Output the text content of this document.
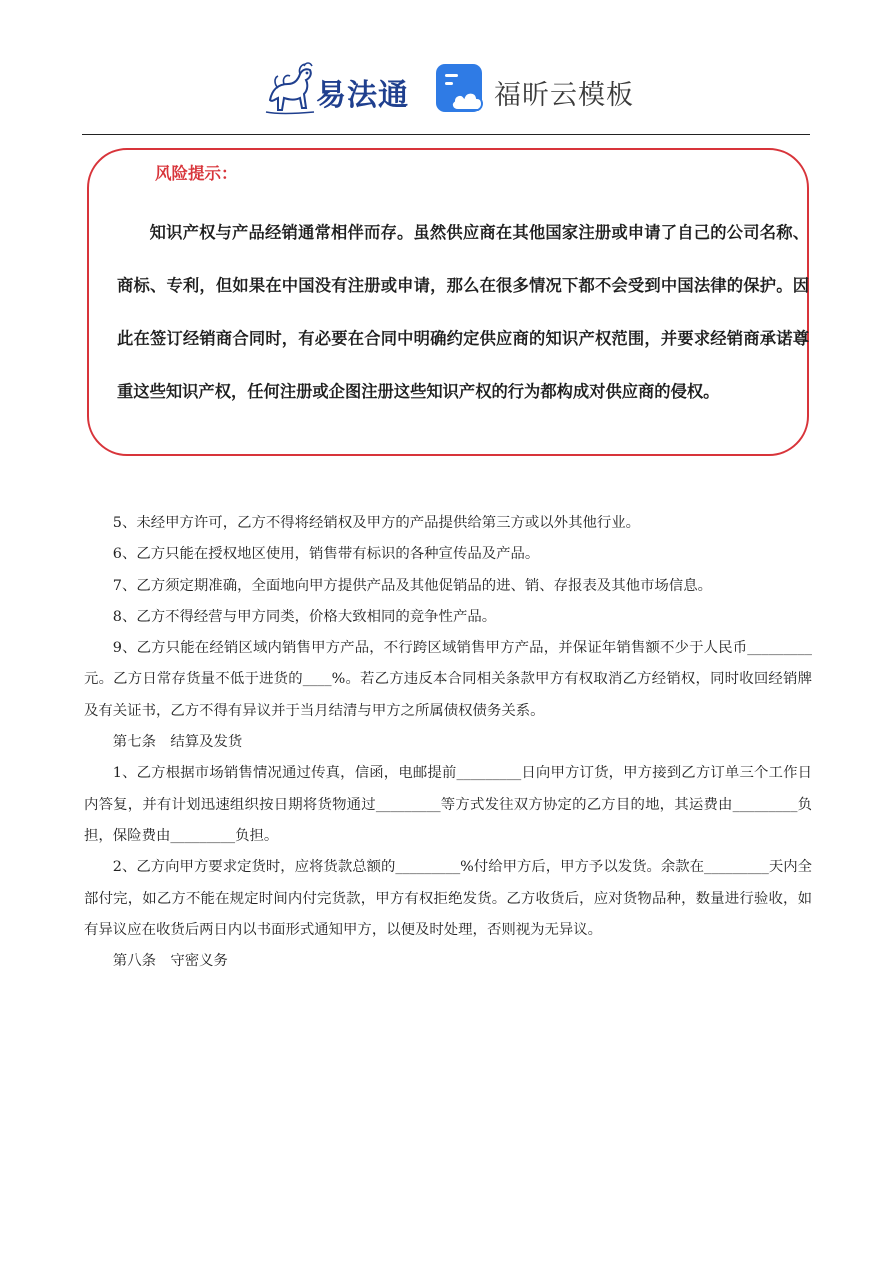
易法通	福昕云模板
风险提示：

知识产权与产品经销通常相伴而存。虽然供应商在其他国家注册或申请了自己的公司名称、商标、专利，但如果在中国没有注册或申请，那么在很多情况下都不会受到中国法律的保护。因此在签订经销商合同时，有必要在合同中明确约定供应商的知识产权范围，并要求经销商承诺尊重这些知识产权，任何注册或企图注册这些知识产权的行为都构成对供应商的侵权。

5、未经甲方许可，乙方不得将经销权及甲方的产品提供给第三方或以外其他行业。

6、乙方只能在授权地区使用，销售带有标识的各种宣传品及产品。

7、乙方须定期准确，全面地向甲方提供产品及其他促销品的进、销、存报表及其他市场信息。

8、乙方不得经营与甲方同类，价格大致相同的竞争性产品。

9、乙方只能在经销区域内销售甲方产品，不行跨区域销售甲方产品，并保证年销售额不少于人民币_________元。乙方日常存货量不低于进货的____%。若乙方违反本合同相关条款甲方有权取消乙方经销权，同时收回经销牌及有关证书，乙方不得有异议并于当月结清与甲方之所属债权债务关系。

第七条　结算及发货

1、乙方根据市场销售情况通过传真，信函，电邮提前_________日向甲方订货，甲方接到乙方订单三个工作日内答复，并有计划迅速组织按日期将货物通过_________等方式发往双方协定的乙方目的地，其运费由_________负担，保险费由_________负担。

2、乙方向甲方要求定货时，应将货款总额的_________%付给甲方后，甲方予以发货。余款在_________天内全部付完，如乙方不能在规定时间内付完货款，甲方有权拒绝发货。乙方收货后，应对货物品种，数量进行验收，如有异议应在收货后两日内以书面形式通知甲方，以便及时处理，否则视为无异议。

第八条　守密义务
